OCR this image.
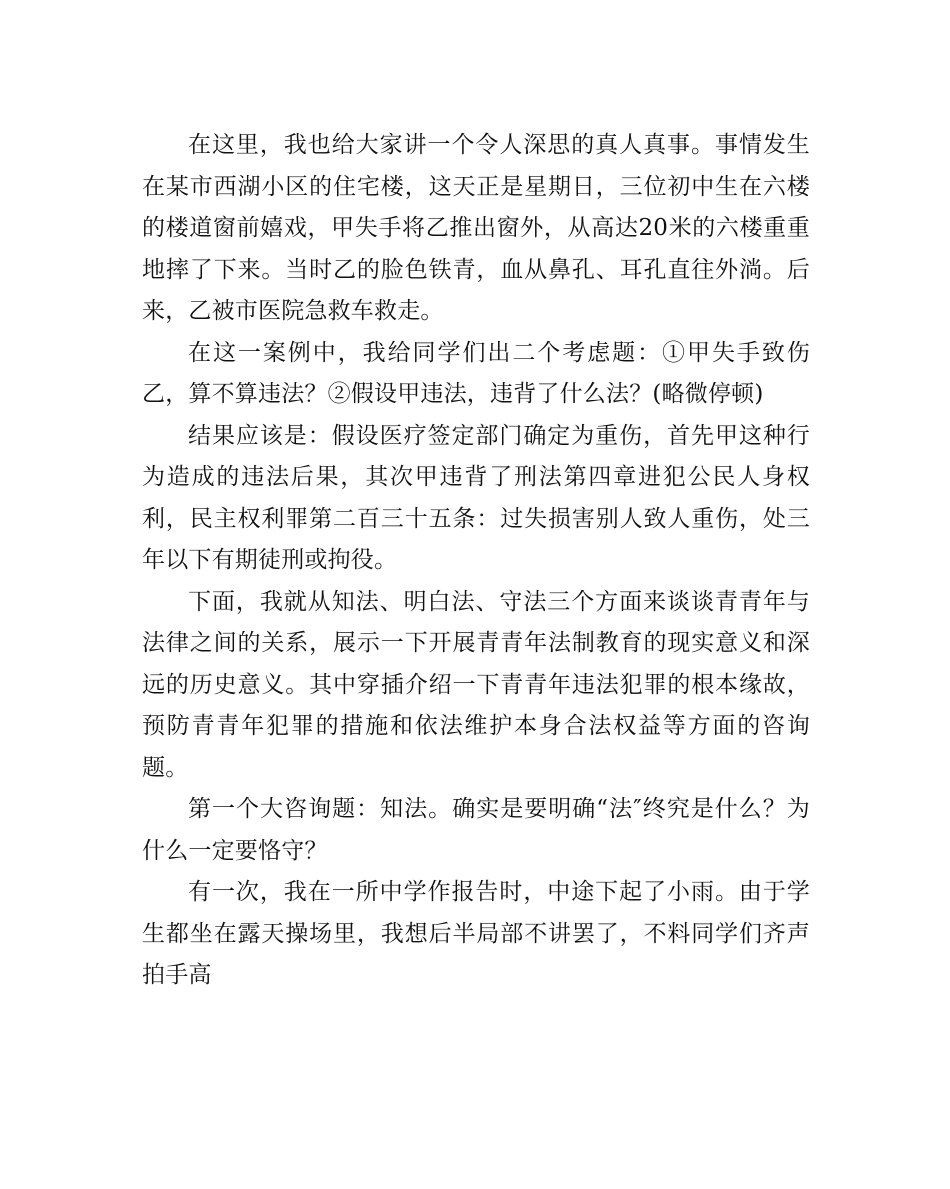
在这里，我也给大家讲一个令人深思的真人真事。事情发生在某市西湖小区的住宅楼，这天正是星期日，三位初中生在六楼的楼道窗前嬉戏，甲失手将乙推出窗外，从高达20米的六楼重重地摔了下来。当时乙的脸色铁青，血从鼻孔、耳孔直往外淌。后来，乙被市医院急救车救走。

在这一案例中，我给同学们出二个考虑题：①甲失手致伤乙，算不算违法？②假设甲违法，违背了什么法？(略微停顿)

结果应该是：假设医疗签定部门确定为重伤，首先甲这种行为造成的违法后果，其次甲违背了刑法第四章进犯公民人身权利，民主权利罪第二百三十五条：过失损害别人致人重伤，处三年以下有期徒刑或拘役。

下面，我就从知法、明白法、守法三个方面来谈谈青青年与法律之间的关系，展示一下开展青青年法制教育的现实意义和深远的历史意义。其中穿插介绍一下青青年违法犯罪的根本缘故，预防青青年犯罪的措施和依法维护本身合法权益等方面的咨询题。

第一个大咨询题：知法。确实是要明确“法″终究是什么？为什么一定要恪守？

有一次，我在一所中学作报告时，中途下起了小雨。由于学生都坐在露天操场里，我想后半局部不讲罢了，不料同学们齐声拍手高
